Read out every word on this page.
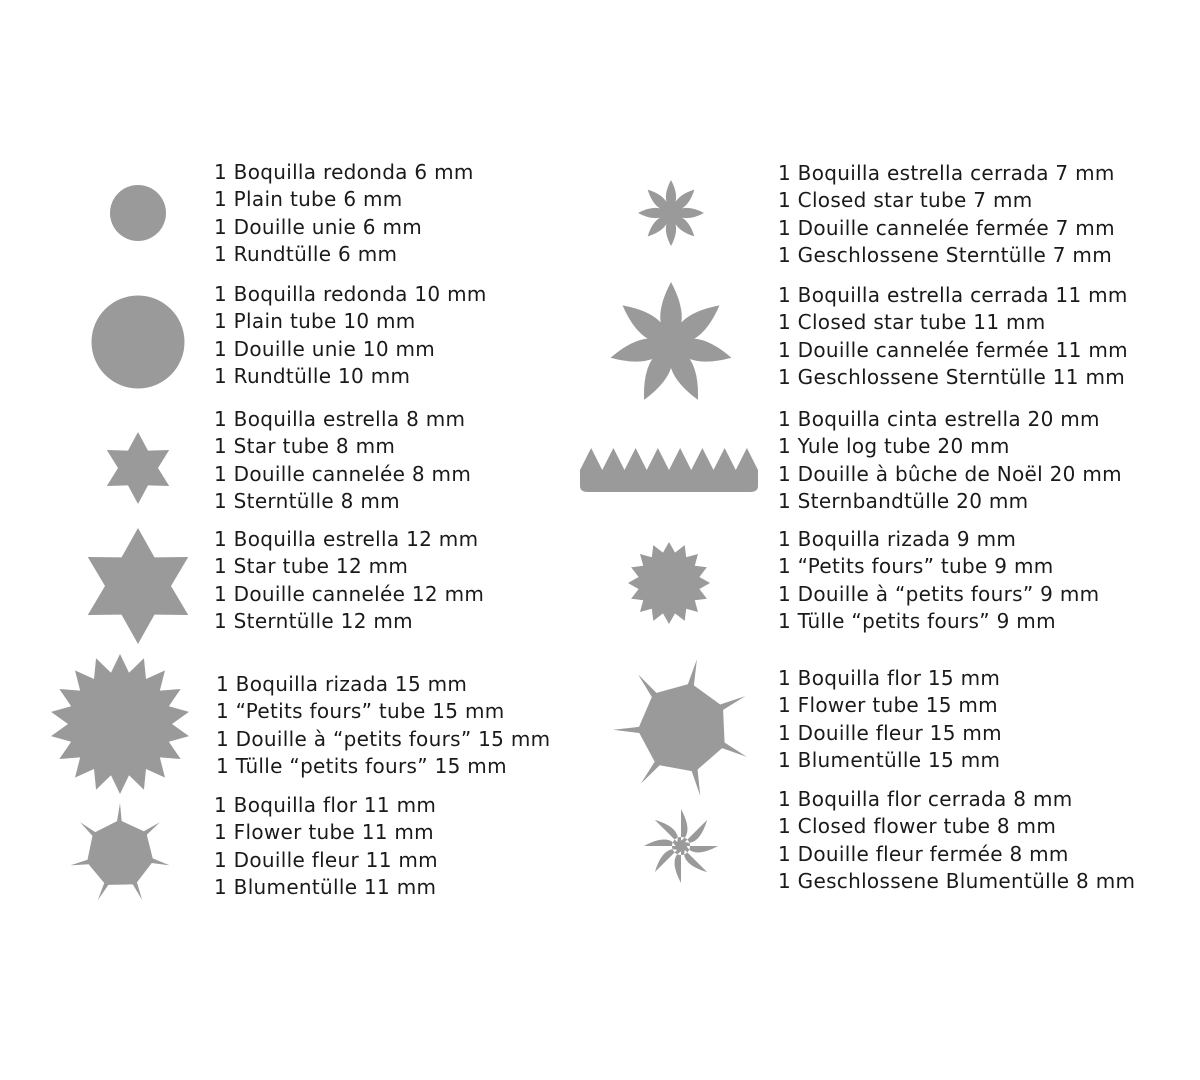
1 Boquilla redonda 6 mm
1 Plain tube 6 mm
1 Douille unie 6 mm
1 Rundtülle 6 mm
1 Boquilla redonda 10 mm
1 Plain tube 10 mm
1 Douille unie 10 mm
1 Rundtülle 10 mm
1 Boquilla estrella 8 mm
1 Star tube 8 mm
1 Douille cannelée 8 mm
1 Sterntülle 8 mm
1 Boquilla estrella 12 mm
1 Star tube 12 mm
1 Douille cannelée 12 mm
1 Sterntülle 12 mm
1 Boquilla rizada 15 mm
1 “Petits fours” tube 15 mm
1 Douille à “petits fours” 15 mm
1 Tülle “petits fours” 15 mm
1 Boquilla flor 11 mm
1 Flower tube 11 mm
1 Douille fleur 11 mm
1 Blumentülle 11 mm
1 Boquilla estrella cerrada 7 mm
1 Closed star tube 7 mm
1 Douille cannelée fermée 7 mm
1 Geschlossene Sterntülle 7 mm
1 Boquilla estrella cerrada 11 mm
1 Closed star tube 11 mm
1 Douille cannelée fermée 11 mm
1 Geschlossene Sterntülle 11 mm
1 Boquilla cinta estrella 20 mm
1 Yule log tube 20 mm
1 Douille à bûche de Noël 20 mm
1 Sternbandtülle 20 mm
1 Boquilla rizada 9 mm
1 “Petits fours” tube 9 mm
1 Douille à “petits fours” 9 mm
1 Tülle “petits fours” 9 mm
1 Boquilla flor 15 mm
1 Flower tube 15 mm
1 Douille fleur 15 mm
1 Blumentülle 15 mm
1 Boquilla flor cerrada 8 mm
1 Closed flower tube 8 mm
1 Douille fleur fermée 8 mm
1 Geschlossene Blumentülle 8 mm
